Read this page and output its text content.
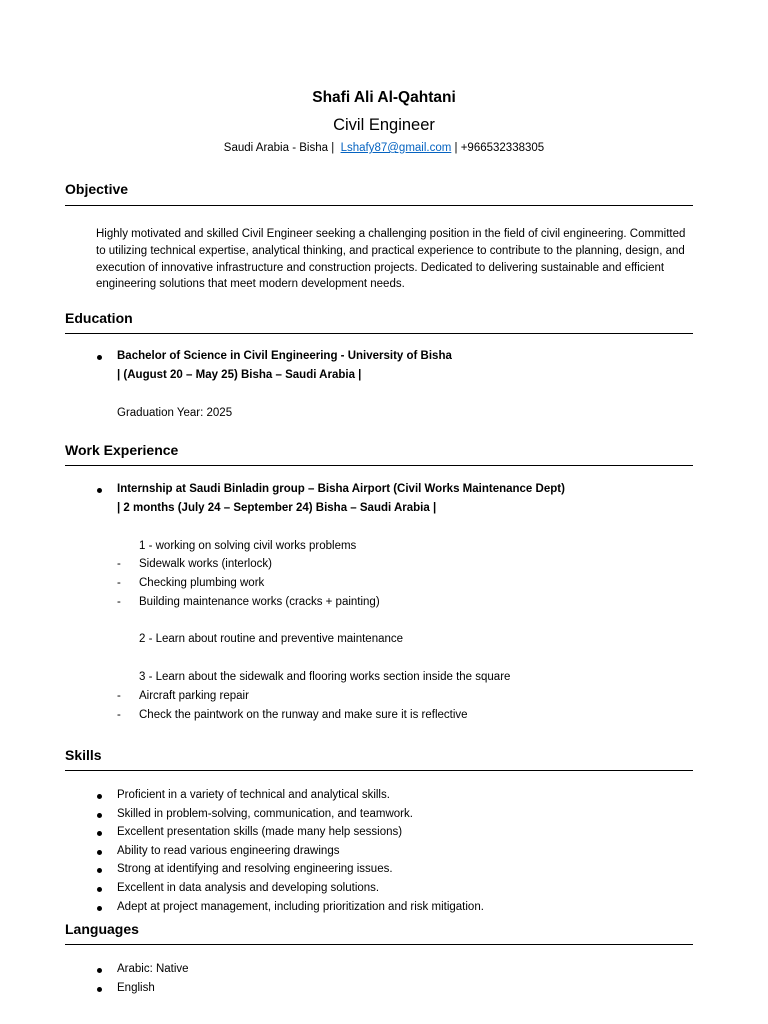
Shafi Ali Al-Qahtani
Civil Engineer
Saudi Arabia - Bisha | Lshafy87@gmail.com | +966532338305
Objective
Highly motivated and skilled Civil Engineer seeking a challenging position in the field of civil engineering. Committed to utilizing technical expertise, analytical thinking, and practical experience to contribute to the planning, design, and execution of innovative infrastructure and construction projects. Dedicated to delivering sustainable and efficient engineering solutions that meet modern development needs.
Education
Bachelor of Science in Civil Engineering - University of Bisha
| (August 20 – May 25) Bisha – Saudi Arabia |
Graduation Year: 2025
Work Experience
Internship at Saudi Binladin group – Bisha Airport (Civil Works Maintenance Dept)
| 2 months (July 24 – September 24) Bisha – Saudi Arabia |
1 - working on solving civil works problems
- Sidewalk works (interlock)
- Checking plumbing work
- Building maintenance works (cracks + painting)
2 - Learn about routine and preventive maintenance
3 - Learn about the sidewalk and flooring works section inside the square
- Aircraft parking repair
- Check the paintwork on the runway and make sure it is reflective
Skills
Proficient in a variety of technical and analytical skills.
Skilled in problem-solving, communication, and teamwork.
Excellent presentation skills (made many help sessions)
Ability to read various engineering drawings
Strong at identifying and resolving engineering issues.
Excellent in data analysis and developing solutions.
Adept at project management, including prioritization and risk mitigation.
Languages
Arabic: Native
English
